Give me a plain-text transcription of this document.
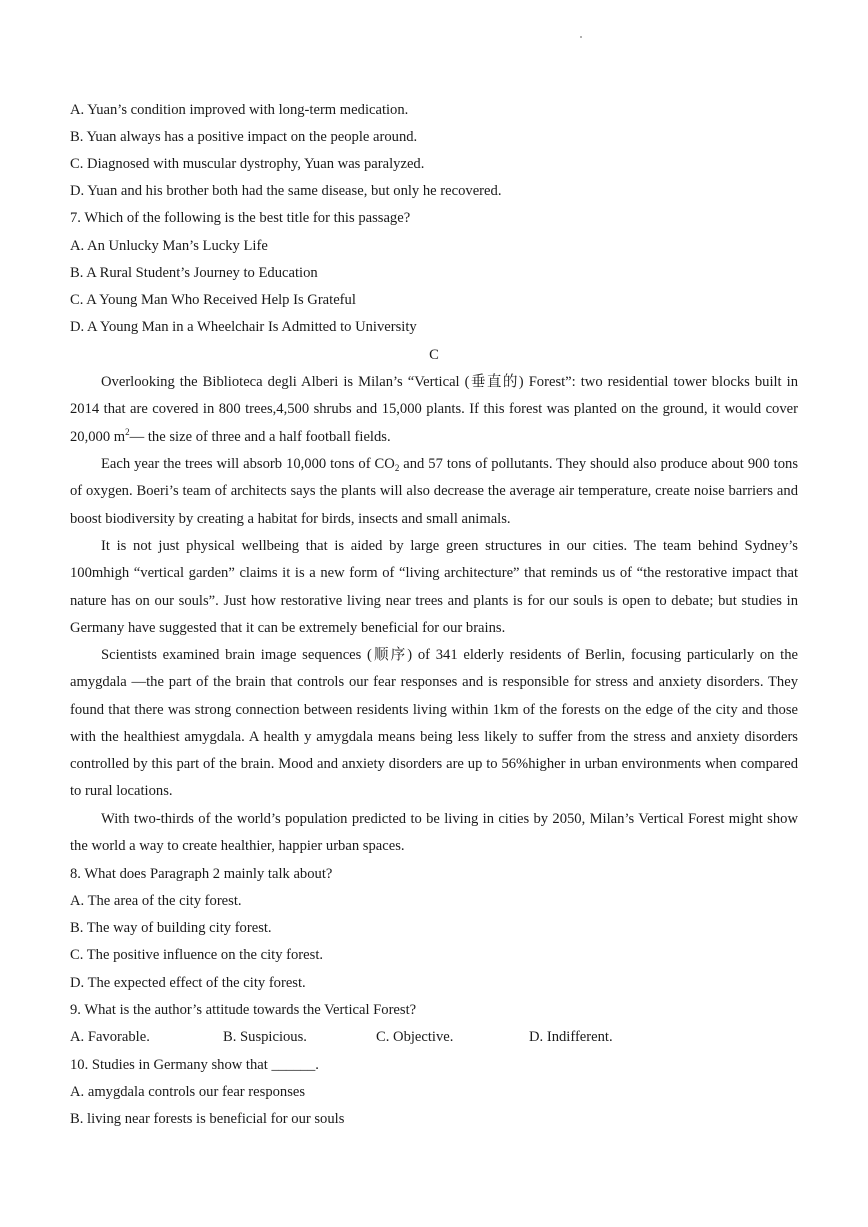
A. Yuan’s condition improved with long-term medication.
B. Yuan always has a positive impact on the people around.
C. Diagnosed with muscular dystrophy, Yuan was paralyzed.
D. Yuan and his brother both had the same disease, but only he recovered.
7. Which of the following is the best title for this passage?
A. An Unlucky Man’s Lucky Life
B. A Rural Student’s Journey to Education
C. A Young Man Who Received Help Is Grateful
D. A Young Man in a Wheelchair Is Admitted to University
C
Overlooking the Biblioteca degli Alberi is Milan’s “Vertical (垂直的) Forest”: two residential tower blocks built in 2014 that are covered in 800 trees,4,500 shrubs and 15,000 plants. If this forest was planted on the ground, it would cover 20,000 $m^2—$ the size of three and a half football fields.
Each year the trees will absorb 10,000 tons of $CO_2$ and 57 tons of pollutants. They should also produce about 900 tons of oxygen. Boeri’s team of architects says the plants will also decrease the average air temperature, create noise barriers and boost biodiversity by creating a habitat for birds, insects and small animals.
It is not just physical wellbeing that is aided by large green structures in our cities. The team behind Sydney’s 100mhigh “vertical garden” claims it is a new form of “living architecture” that reminds us of “the restorative impact that nature has on our souls”. Just how restorative living near trees and plants is for our souls is open to debate; but studies in Germany have suggested that it can be extremely beneficial for our brains.
Scientists examined brain image sequences (顺序) of 341 elderly residents of Berlin, focusing particularly on the amygdala —the part of the brain that controls our fear responses and is responsible for stress and anxiety disorders. They found that there was strong connection between residents living within 1km of the forests on the edge of the city and those with the healthiest amygdala. A health y amygdala means being less likely to suffer from the stress and anxiety disorders controlled by this part of the brain. Mood and anxiety disorders are up to 56%higher in urban environments when compared to rural locations.
With two-thirds of the world’s population predicted to be living in cities by 2050, Milan’s Vertical Forest might show the world a way to create healthier, happier urban spaces.
8. What does Paragraph 2 mainly talk about?
A. The area of the city forest.
B. The way of building city forest.
C. The positive influence on the city forest.
D. The expected effect of the city forest.
9. What is the author’s attitude towards the Vertical Forest?
A. Favorable.	B. Suspicious.	C. Objective.	D. Indifferent.
10. Studies in Germany show that ______.
A. amygdala controls our fear responses
B. living near forests is beneficial for our souls
